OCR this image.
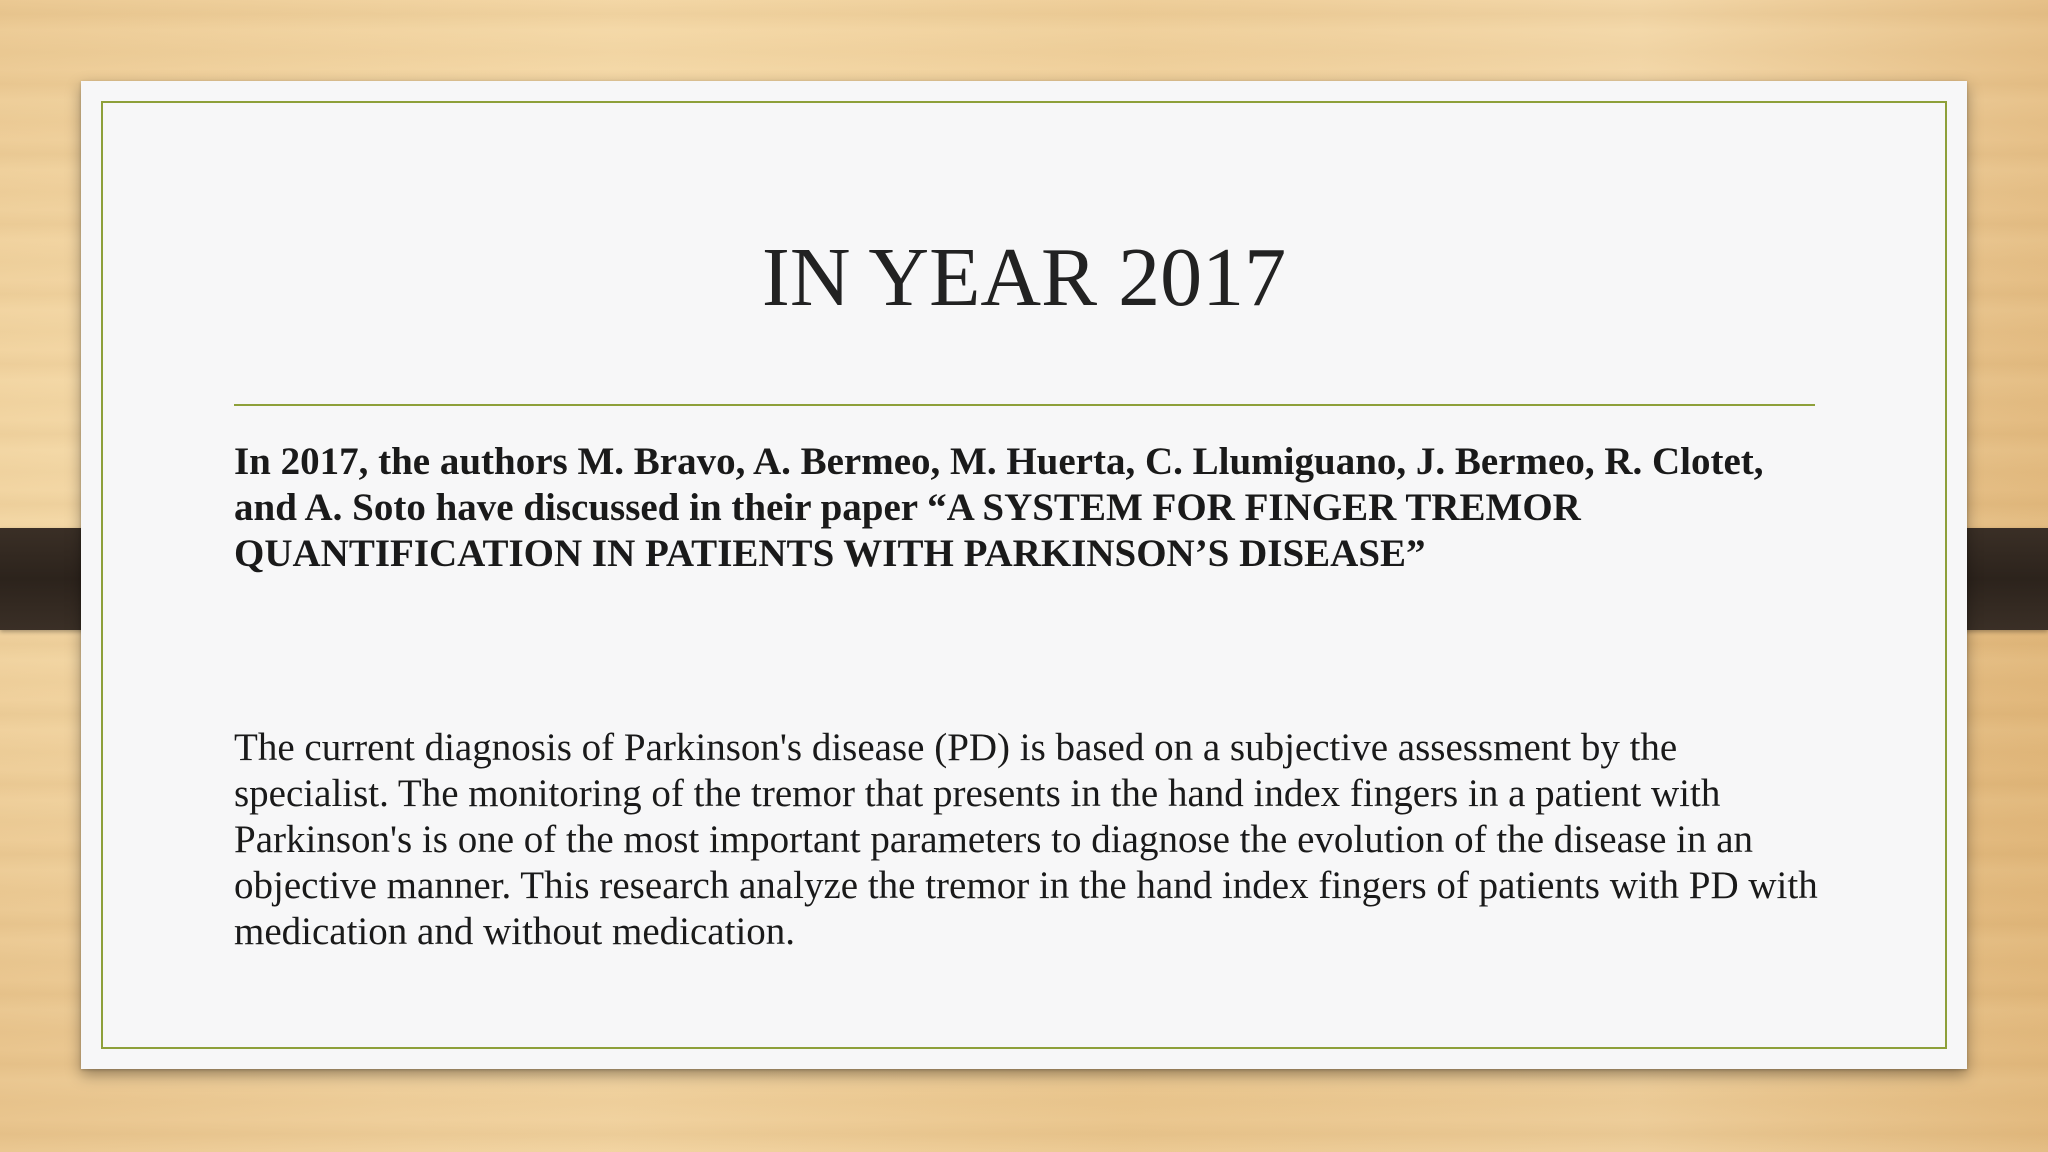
IN YEAR 2017

In 2017, the authors M. Bravo, A. Bermeo, M. Huerta, C. Llumiguano, J. Bermeo, R. Clotet, and A. Soto have discussed in their paper “A SYSTEM FOR FINGER TREMOR QUANTIFICATION IN PATIENTS WITH PARKINSON’S DISEASE”

The current diagnosis of Parkinson's disease (PD) is based on a subjective assessment by the specialist. The monitoring of the tremor that presents in the hand index fingers in a patient with Parkinson's is one of the most important parameters to diagnose the evolution of the disease in an objective manner. This research analyze the tremor in the hand index fingers of patients with PD with medication and without medication.
